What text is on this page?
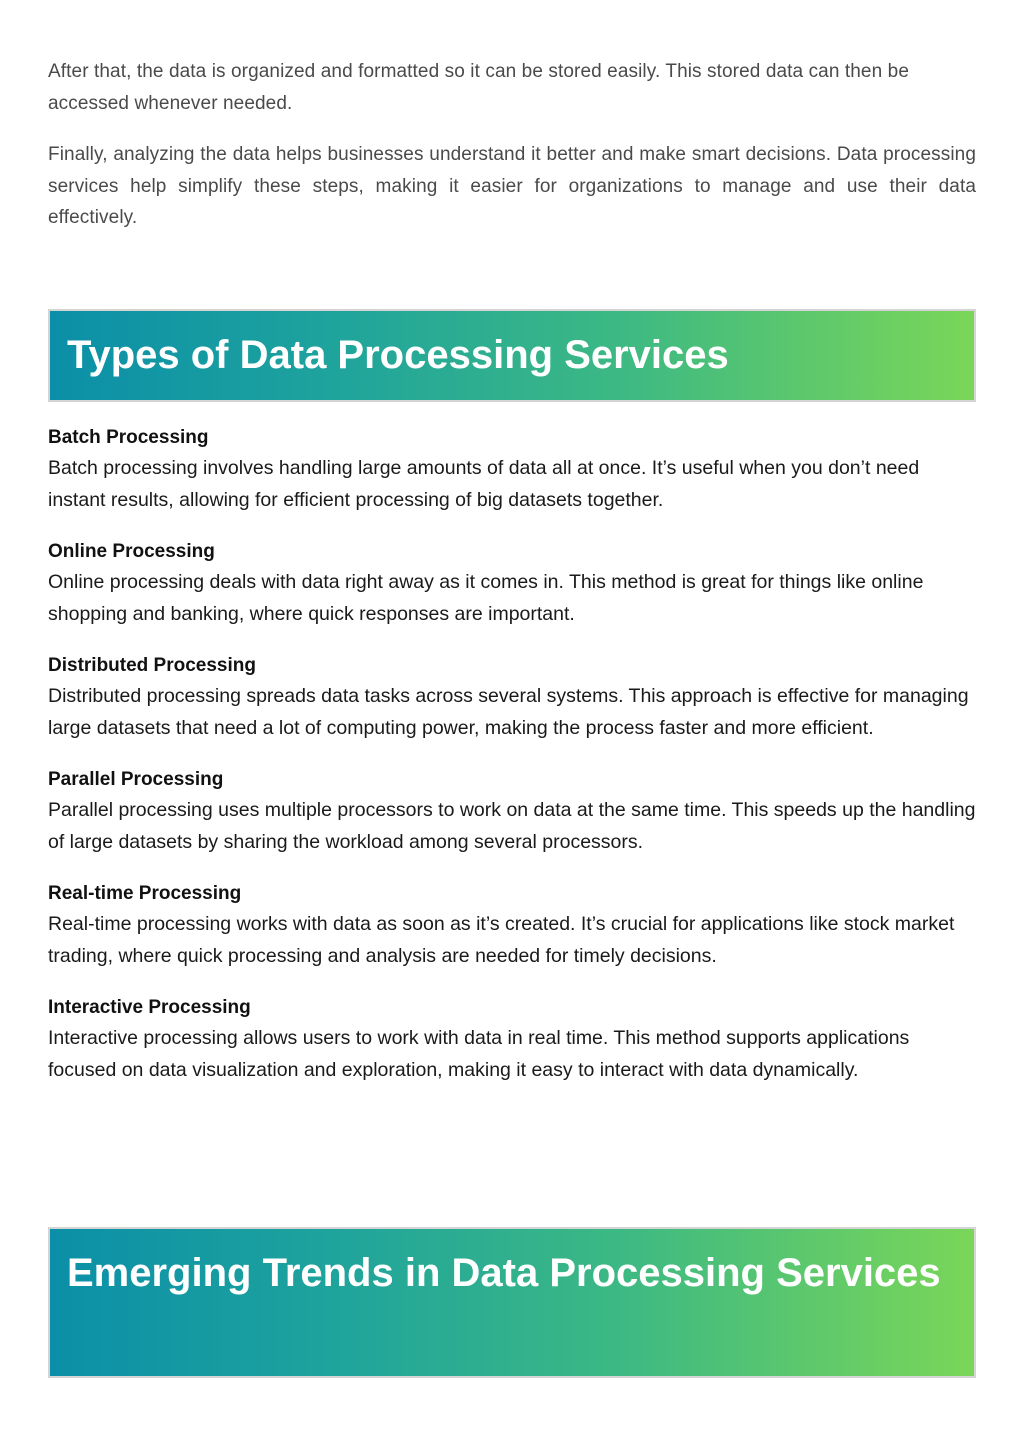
After that, the data is organized and formatted so it can be stored easily. This stored data can then be accessed whenever needed.

Finally, analyzing the data helps businesses understand it better and make smart decisions. Data processing services help simplify these steps, making it easier for organizations to manage and use their data effectively.

Types of Data Processing Services

Batch Processing

Batch processing involves handling large amounts of data all at once. It’s useful when you don’t need instant results, allowing for efficient processing of big datasets together.

Online Processing

Online processing deals with data right away as it comes in. This method is great for things like online shopping and banking, where quick responses are important.

Distributed Processing

Distributed processing spreads data tasks across several systems. This approach is effective for managing large datasets that need a lot of computing power, making the process faster and more efficient.

Parallel Processing

Parallel processing uses multiple processors to work on data at the same time. This speeds up the handling of large datasets by sharing the workload among several processors.

Real-time Processing

Real-time processing works with data as soon as it’s created. It’s crucial for applications like stock market trading, where quick processing and analysis are needed for timely decisions.

Interactive Processing

Interactive processing allows users to work with data in real time. This method supports applications focused on data visualization and exploration, making it easy to interact with data dynamically.

Emerging Trends in Data Processing Services
